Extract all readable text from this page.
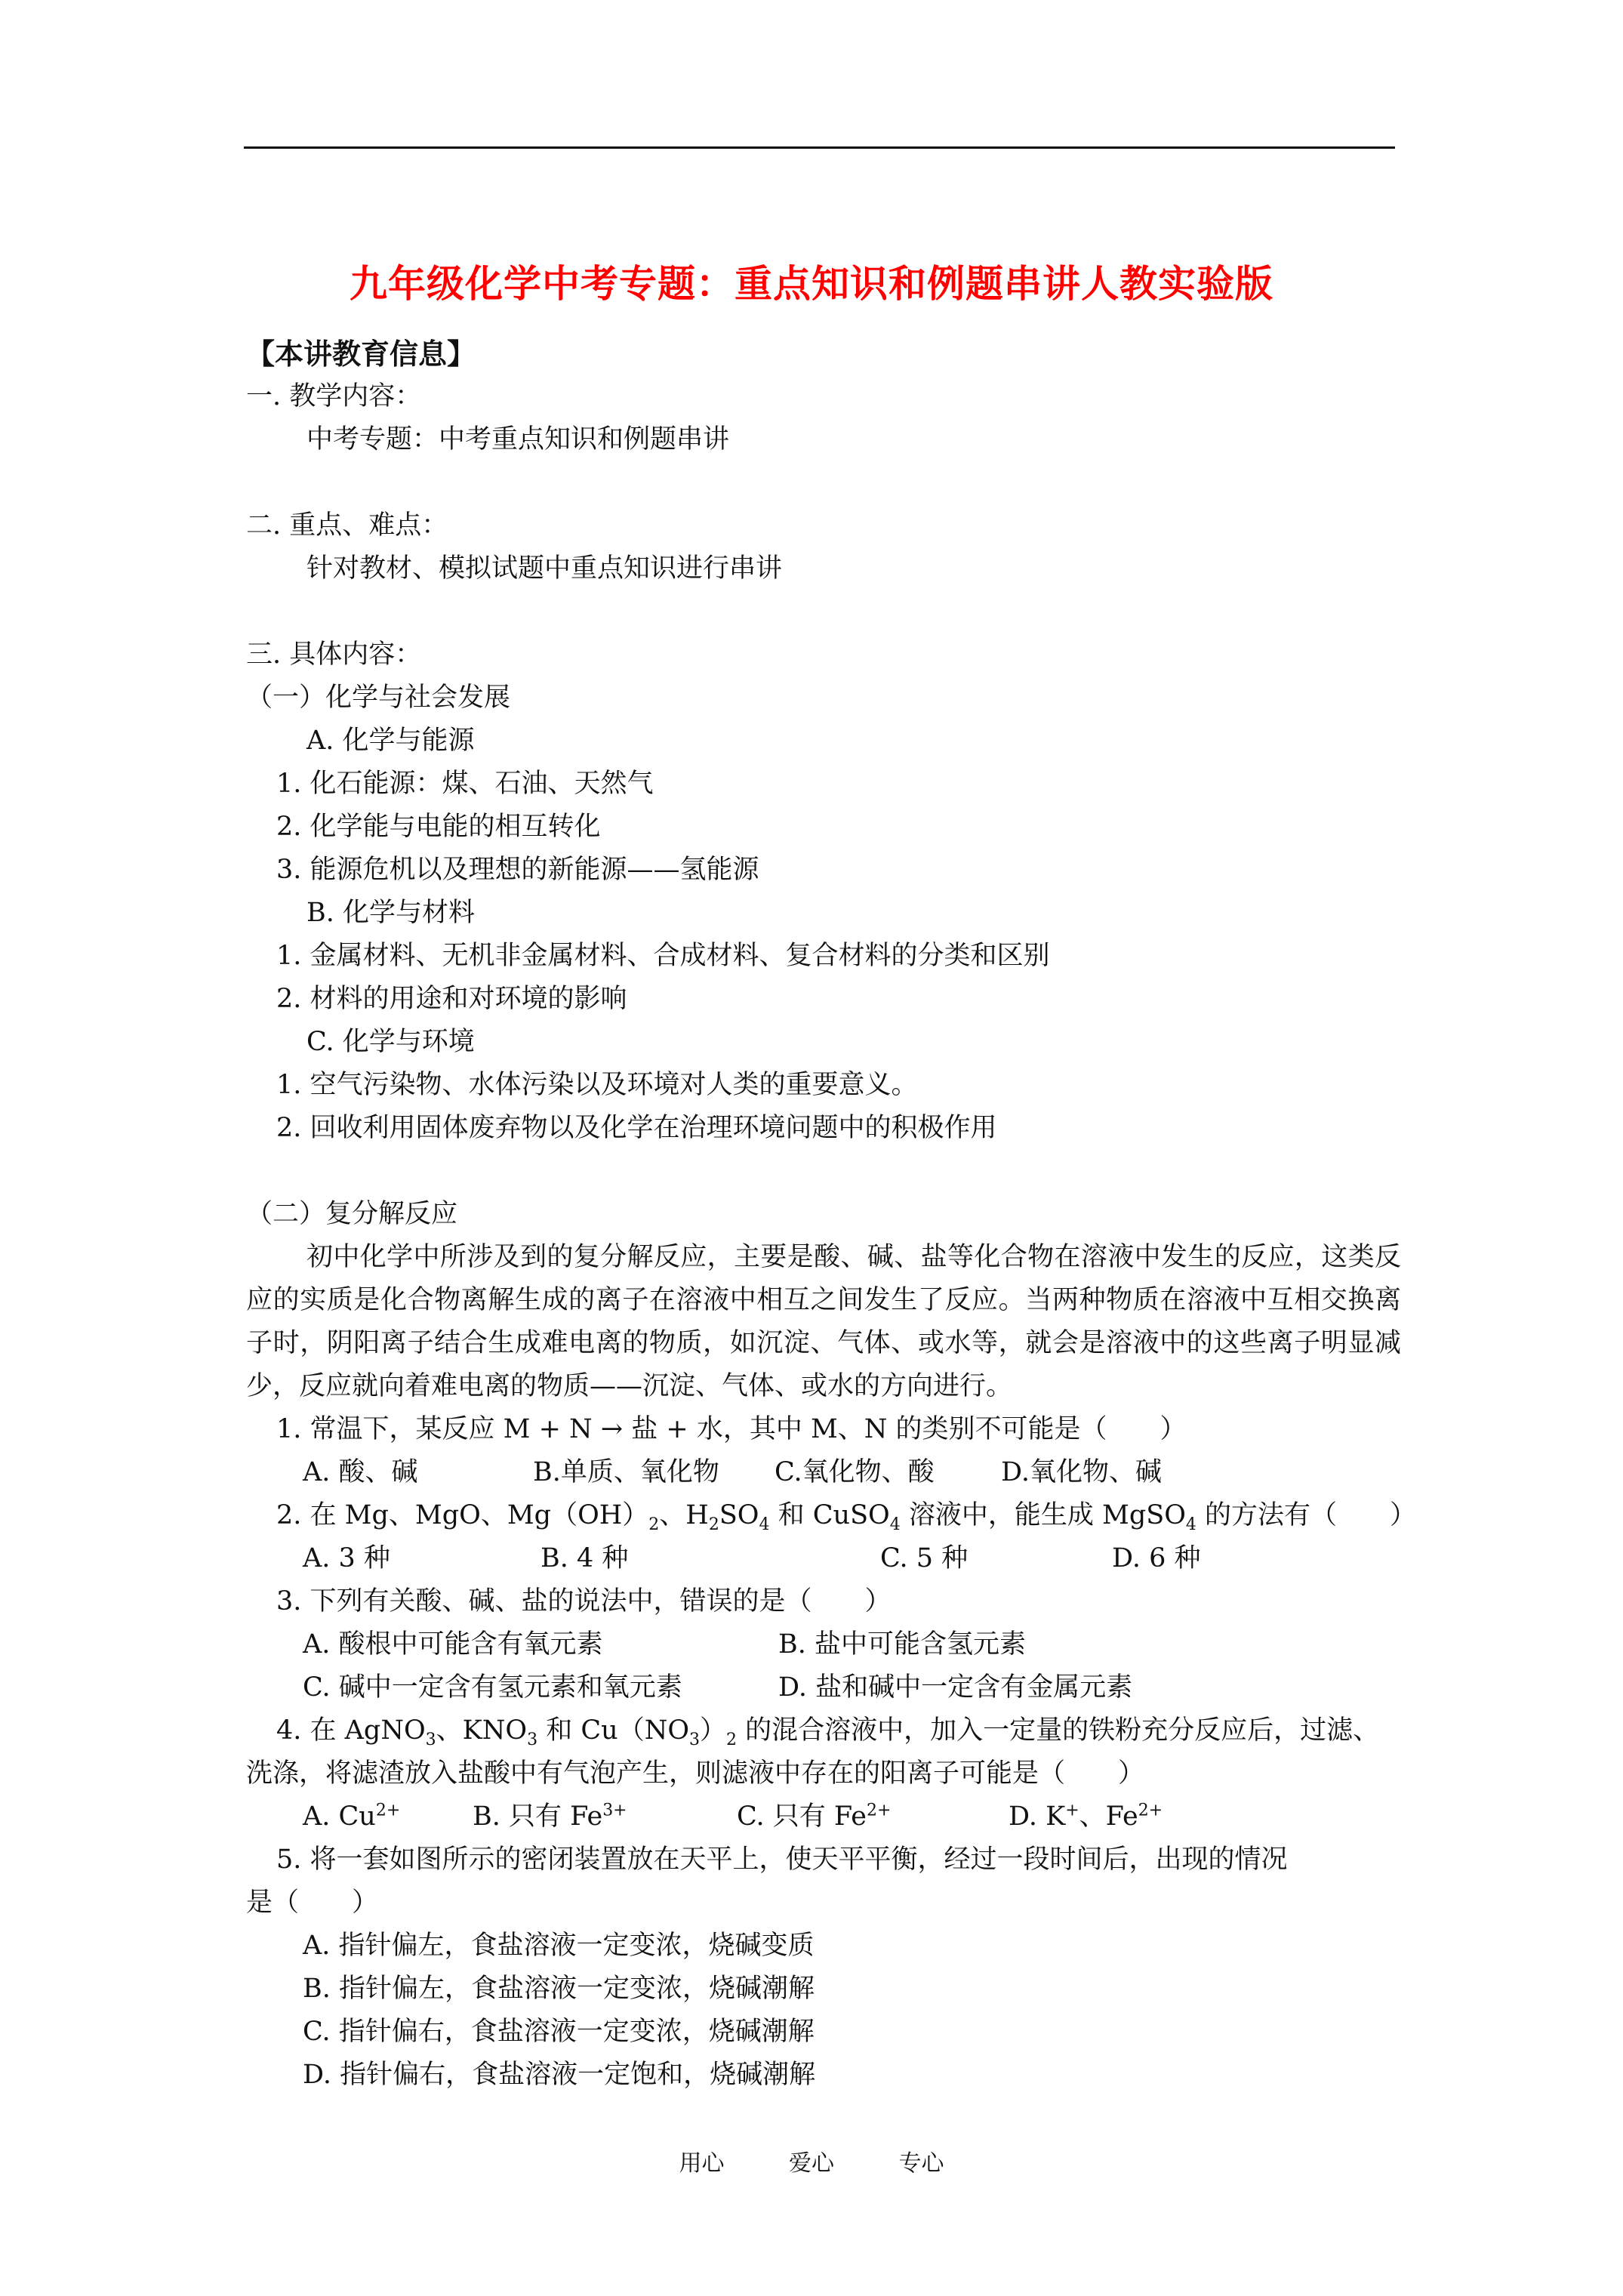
九年级化学中考专题：重点知识和例题串讲人教实验版
【本讲教育信息】
一. 教学内容：
中考专题：中考重点知识和例题串讲
二. 重点、难点：
针对教材、模拟试题中重点知识进行串讲
三. 具体内容：
（一）化学与社会发展
A. 化学与能源
1. 化石能源：煤、石油、天然气
2. 化学能与电能的相互转化
3. 能源危机以及理想的新能源——氢能源
B. 化学与材料
1. 金属材料、无机非金属材料、合成材料、复合材料的分类和区别
2. 材料的用途和对环境的影响
C. 化学与环境
1. 空气污染物、水体污染以及环境对人类的重要意义。
2. 回收利用固体废弃物以及化学在治理环境问题中的积极作用
（二）复分解反应

初中化学中所涉及到的复分解反应，主要是酸、碱、盐等化合物在溶液中发生的反应，这类反应的实质是化合物离解生成的离子在溶液中相互之间发生了反应。当两种物质在溶液中互相交换离子时，阴阳离子结合生成难电离的物质，如沉淀、气体、或水等，就会是溶液中的这些离子明显减少，反应就向着难电离的物质——沉淀、气体、或水的方向进行。

1. 常温下，某反应 M + N → 盐 + 水，其中 M、N 的类别不可能是（　　）
A. 酸、碱	B.单质、氧化物 C.氧化物、酸	D.氧化物、碱
2. 在 Mg、MgO、$Mg(OH)_2$、$H_2SO_4$ 和 CuSO$_4$ 溶液中，能生成 MgSO$_4$ 的方法有（　　）
A. 3 种	B. 4 种	C. 5 种	D. 6 种
3. 下列有关酸、碱、盐的说法中，错误的是（　　）
A. 酸根中可能含有氧元素	B. 盐中可能含氢元素
C. 碱中一定含有氢元素和氧元素	D. 盐和碱中一定含有金属元素
4. 在 AgNO$_3$、$KNO_3$ 和 $Cu(NO_3)_2$ 的混合溶液中，加入一定量的铁粉充分反应后，过滤、
洗涤，将滤渣放入盐酸中有气泡产生，则滤液中存在的阳离子可能是（　　）
A. $Cu^{2+}$	B. 只有 $Fe^{3+}$	C. 只有 $Fe^{2+}$	D. K+、$Fe^{2+}$
5. 将一套如图所示的密闭装置放在天平上，使天平平衡，经过一段时间后，出现的情况
是（　　）
A. 指针偏左，食盐溶液一定变浓，烧碱变质
B. 指针偏左，食盐溶液一定变浓，烧碱潮解
C. 指针偏右，食盐溶液一定变浓，烧碱潮解
D. 指针偏右，食盐溶液一定饱和，烧碱潮解
用心	爱心	专心
